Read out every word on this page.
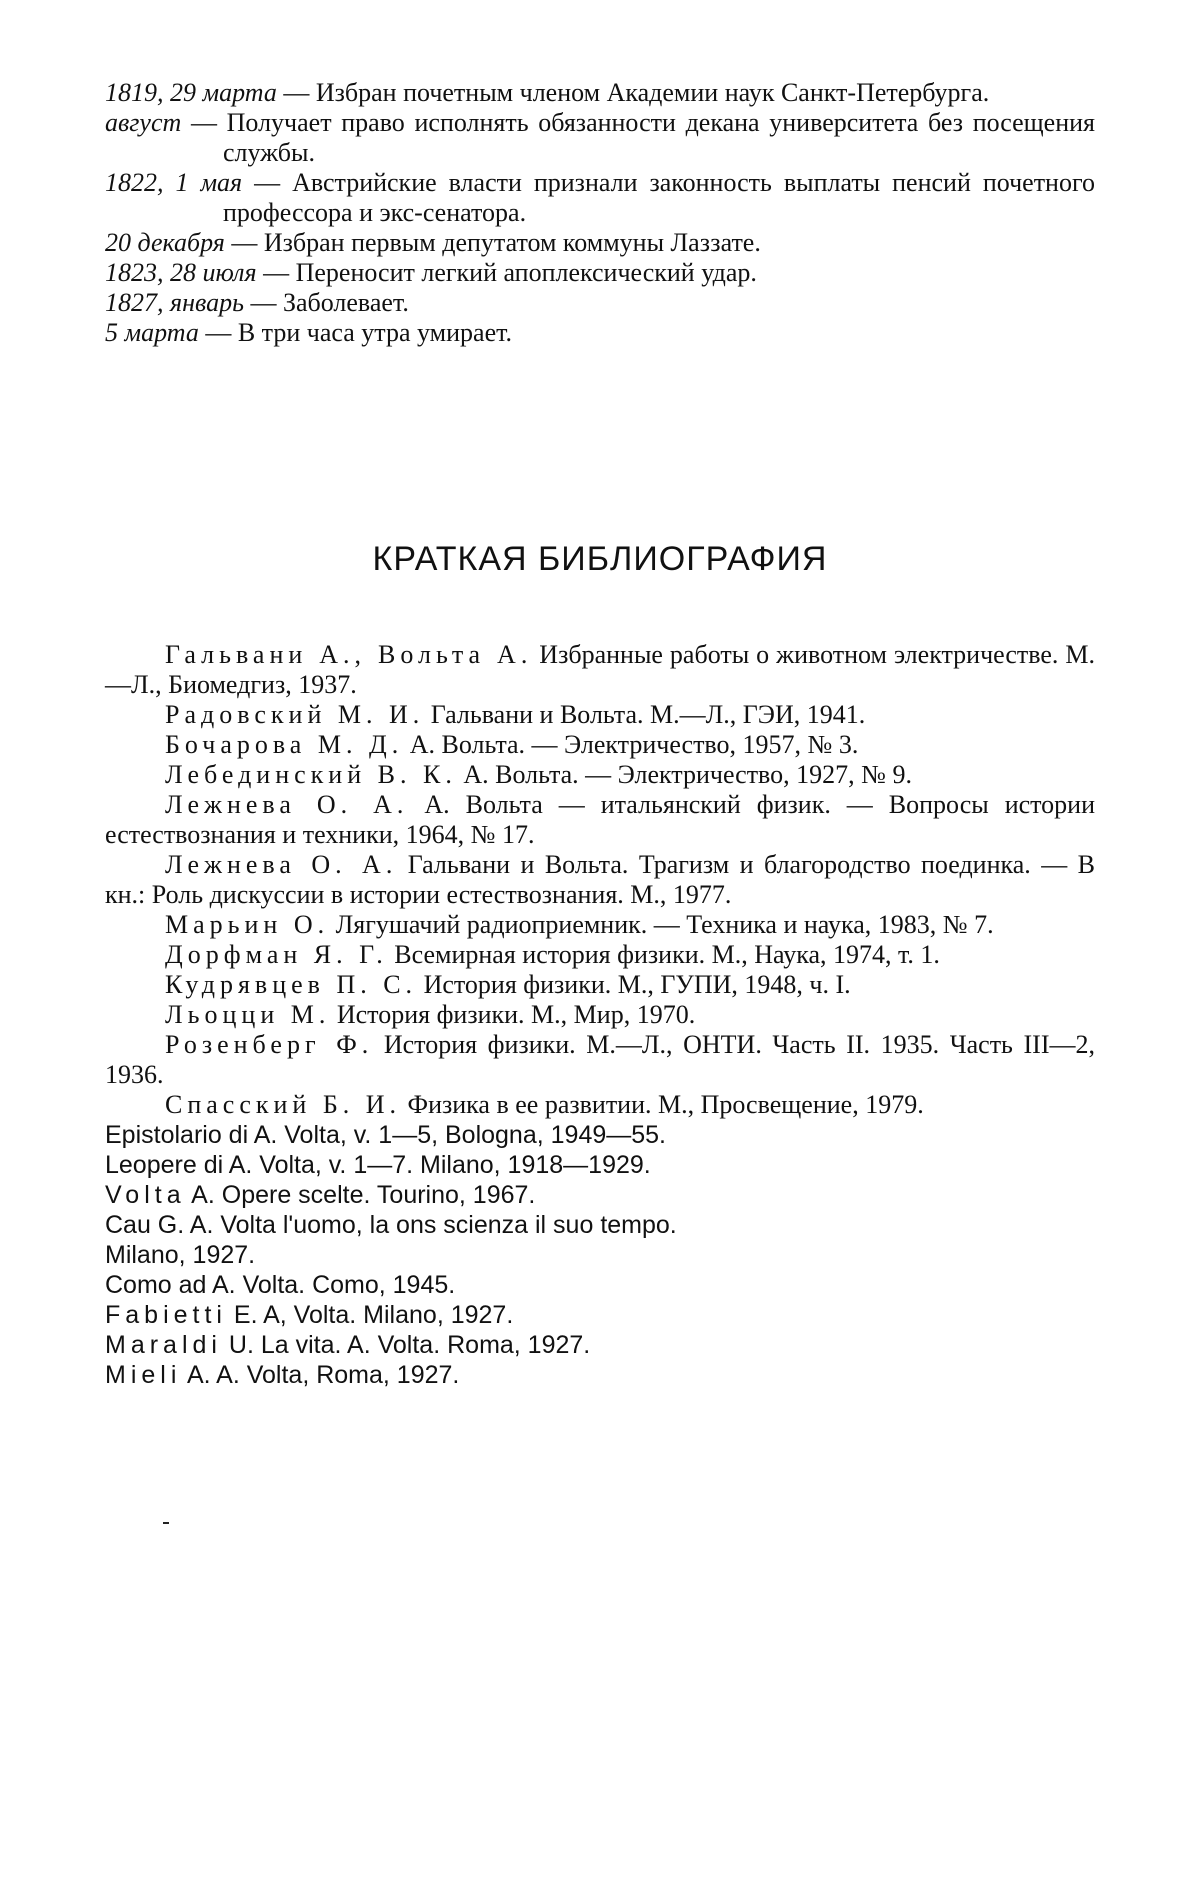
1819, 29 марта — Избран почетным членом Академии наук Санкт-Петербурга.
август — Получает право исполнять обязанности декана университета без посещения службы.
1822, 1 мая — Австрийские власти признали законность выплаты пенсий почетного профессора и экс-сенатора.
20 декабря — Избран первым депутатом коммуны Лаззате.
1823, 28 июля — Переносит легкий апоплексический удар.
1827, январь — Заболевает.
5 марта — В три часа утра умирает.
КРАТКАЯ БИБЛИОГРАФИЯ
Гальвани А., Вольта А. Избранные работы о животном электричестве. М.—Л., Биомедгиз, 1937.
Радовский М. И. Гальвани и Вольта. М.—Л., ГЭИ, 1941.
Бочарова М. Д. А. Вольта. — Электричество, 1957, № 3.
Лебединский В. К. А. Вольта. — Электричество, 1927, № 9.
Лежнева О. А. А. Вольта — итальянский физик. — Вопросы истории естествознания и техники, 1964, № 17.
Лежнева О. А. Гальвани и Вольта. Трагизм и благородство поединка. — В кн.: Роль дискуссии в истории естествознания. М., 1977.
Марьин О. Лягушачий радиоприемник. — Техника и наука, 1983, № 7.
Дорфман Я. Г. Всемирная история физики. М., Наука, 1974, т. 1.
Кудрявцев П. С. История физики. М., ГУПИ, 1948, ч. I.
Льоцци М. История физики. М., Мир, 1970.
Розенберг Ф. История физики. М.—Л., ОНТИ. Часть II. 1935. Часть III—2, 1936.
Спасский Б. И. Физика в ее развитии. М., Просвещение, 1979.
Epistolario di A. Volta, v. 1—5, Bologna, 1949—55.
Leopere di A. Volta, v. 1—7. Milano, 1918—1929.
Volta A. Opere scelte. Tourino, 1967.
Cau G. A. Volta l'uomo, la ons scienza il suo tempo.
Milano, 1927.
Como ad A. Volta. Como, 1945.
Fabietti E. A, Volta. Milano, 1927.
Maraldi U. La vita. A. Volta. Roma, 1927.
Mieli A. A. Volta, Roma, 1927.
